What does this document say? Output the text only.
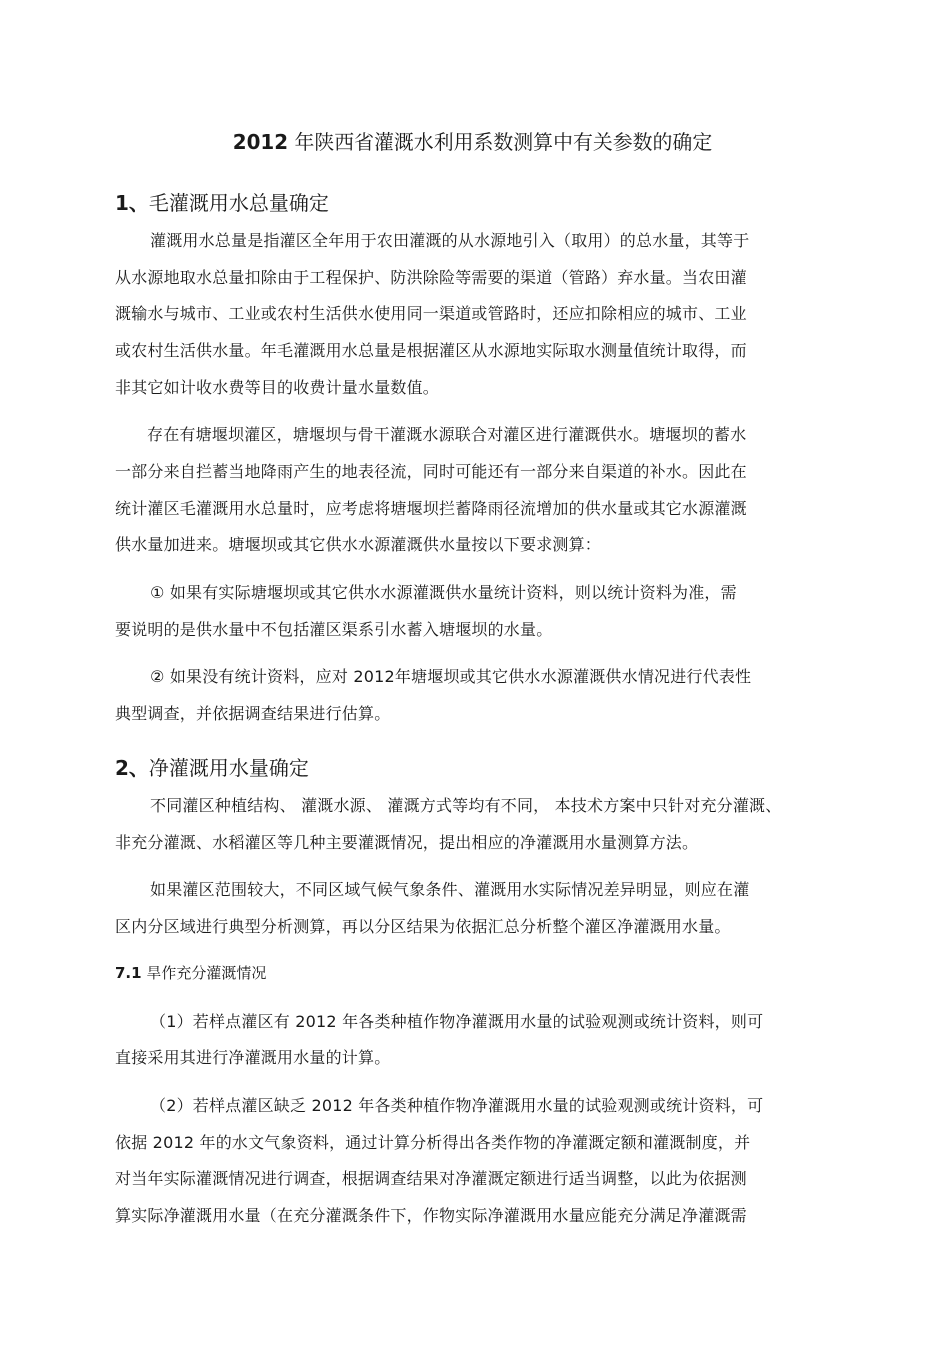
2012 年陕西省灌溉水利用系数测算中有关参数的确定
1、毛灌溉用水总量确定
灌溉用水总量是指灌区全年用于农田灌溉的从水源地引入（取用）的总水量，其等于
从水源地取水总量扣除由于工程保护、防洪除险等需要的渠道（管路）弃水量。当农田灌
溉输水与城市、工业或农村生活供水使用同一渠道或管路时，还应扣除相应的城市、工业
或农村生活供水量。年毛灌溉用水总量是根据灌区从水源地实际取水测量值统计取得，而
非其它如计收水费等目的收费计量水量数值。
存在有塘堰坝灌区，塘堰坝与骨干灌溉水源联合对灌区进行灌溉供水。塘堰坝的蓄水
一部分来自拦蓄当地降雨产生的地表径流，同时可能还有一部分来自渠道的补水。因此在
统计灌区毛灌溉用水总量时，应考虑将塘堰坝拦蓄降雨径流增加的供水量或其它水源灌溉
供水量加进来。塘堰坝或其它供水水源灌溉供水量按以下要求测算：
① 如果有实际塘堰坝或其它供水水源灌溉供水量统计资料，则以统计资料为准，需
要说明的是供水量中不包括灌区渠系引水蓄入塘堰坝的水量。
② 如果没有统计资料，应对 2012年塘堰坝或其它供水水源灌溉供水情况进行代表性
典型调查，并依据调查结果进行估算。
2、净灌溉用水量确定
不同灌区种植结构、 灌溉水源、 灌溉方式等均有不同， 本技术方案中只针对充分灌溉、
非充分灌溉、水稻灌区等几种主要灌溉情况，提出相应的净灌溉用水量测算方法。
如果灌区范围较大，不同区域气候气象条件、灌溉用水实际情况差异明显，则应在灌
区内分区域进行典型分析测算，再以分区结果为依据汇总分析整个灌区净灌溉用水量。
7.1 旱作充分灌溉情况
（1）若样点灌区有 2012 年各类种植作物净灌溉用水量的试验观测或统计资料，则可
直接采用其进行净灌溉用水量的计算。
（2）若样点灌区缺乏 2012 年各类种植作物净灌溉用水量的试验观测或统计资料，可
依据 2012 年的水文气象资料，通过计算分析得出各类作物的净灌溉定额和灌溉制度，并
对当年实际灌溉情况进行调查，根据调查结果对净灌溉定额进行适当调整，以此为依据测
算实际净灌溉用水量（在充分灌溉条件下，作物实际净灌溉用水量应能充分满足净灌溉需
